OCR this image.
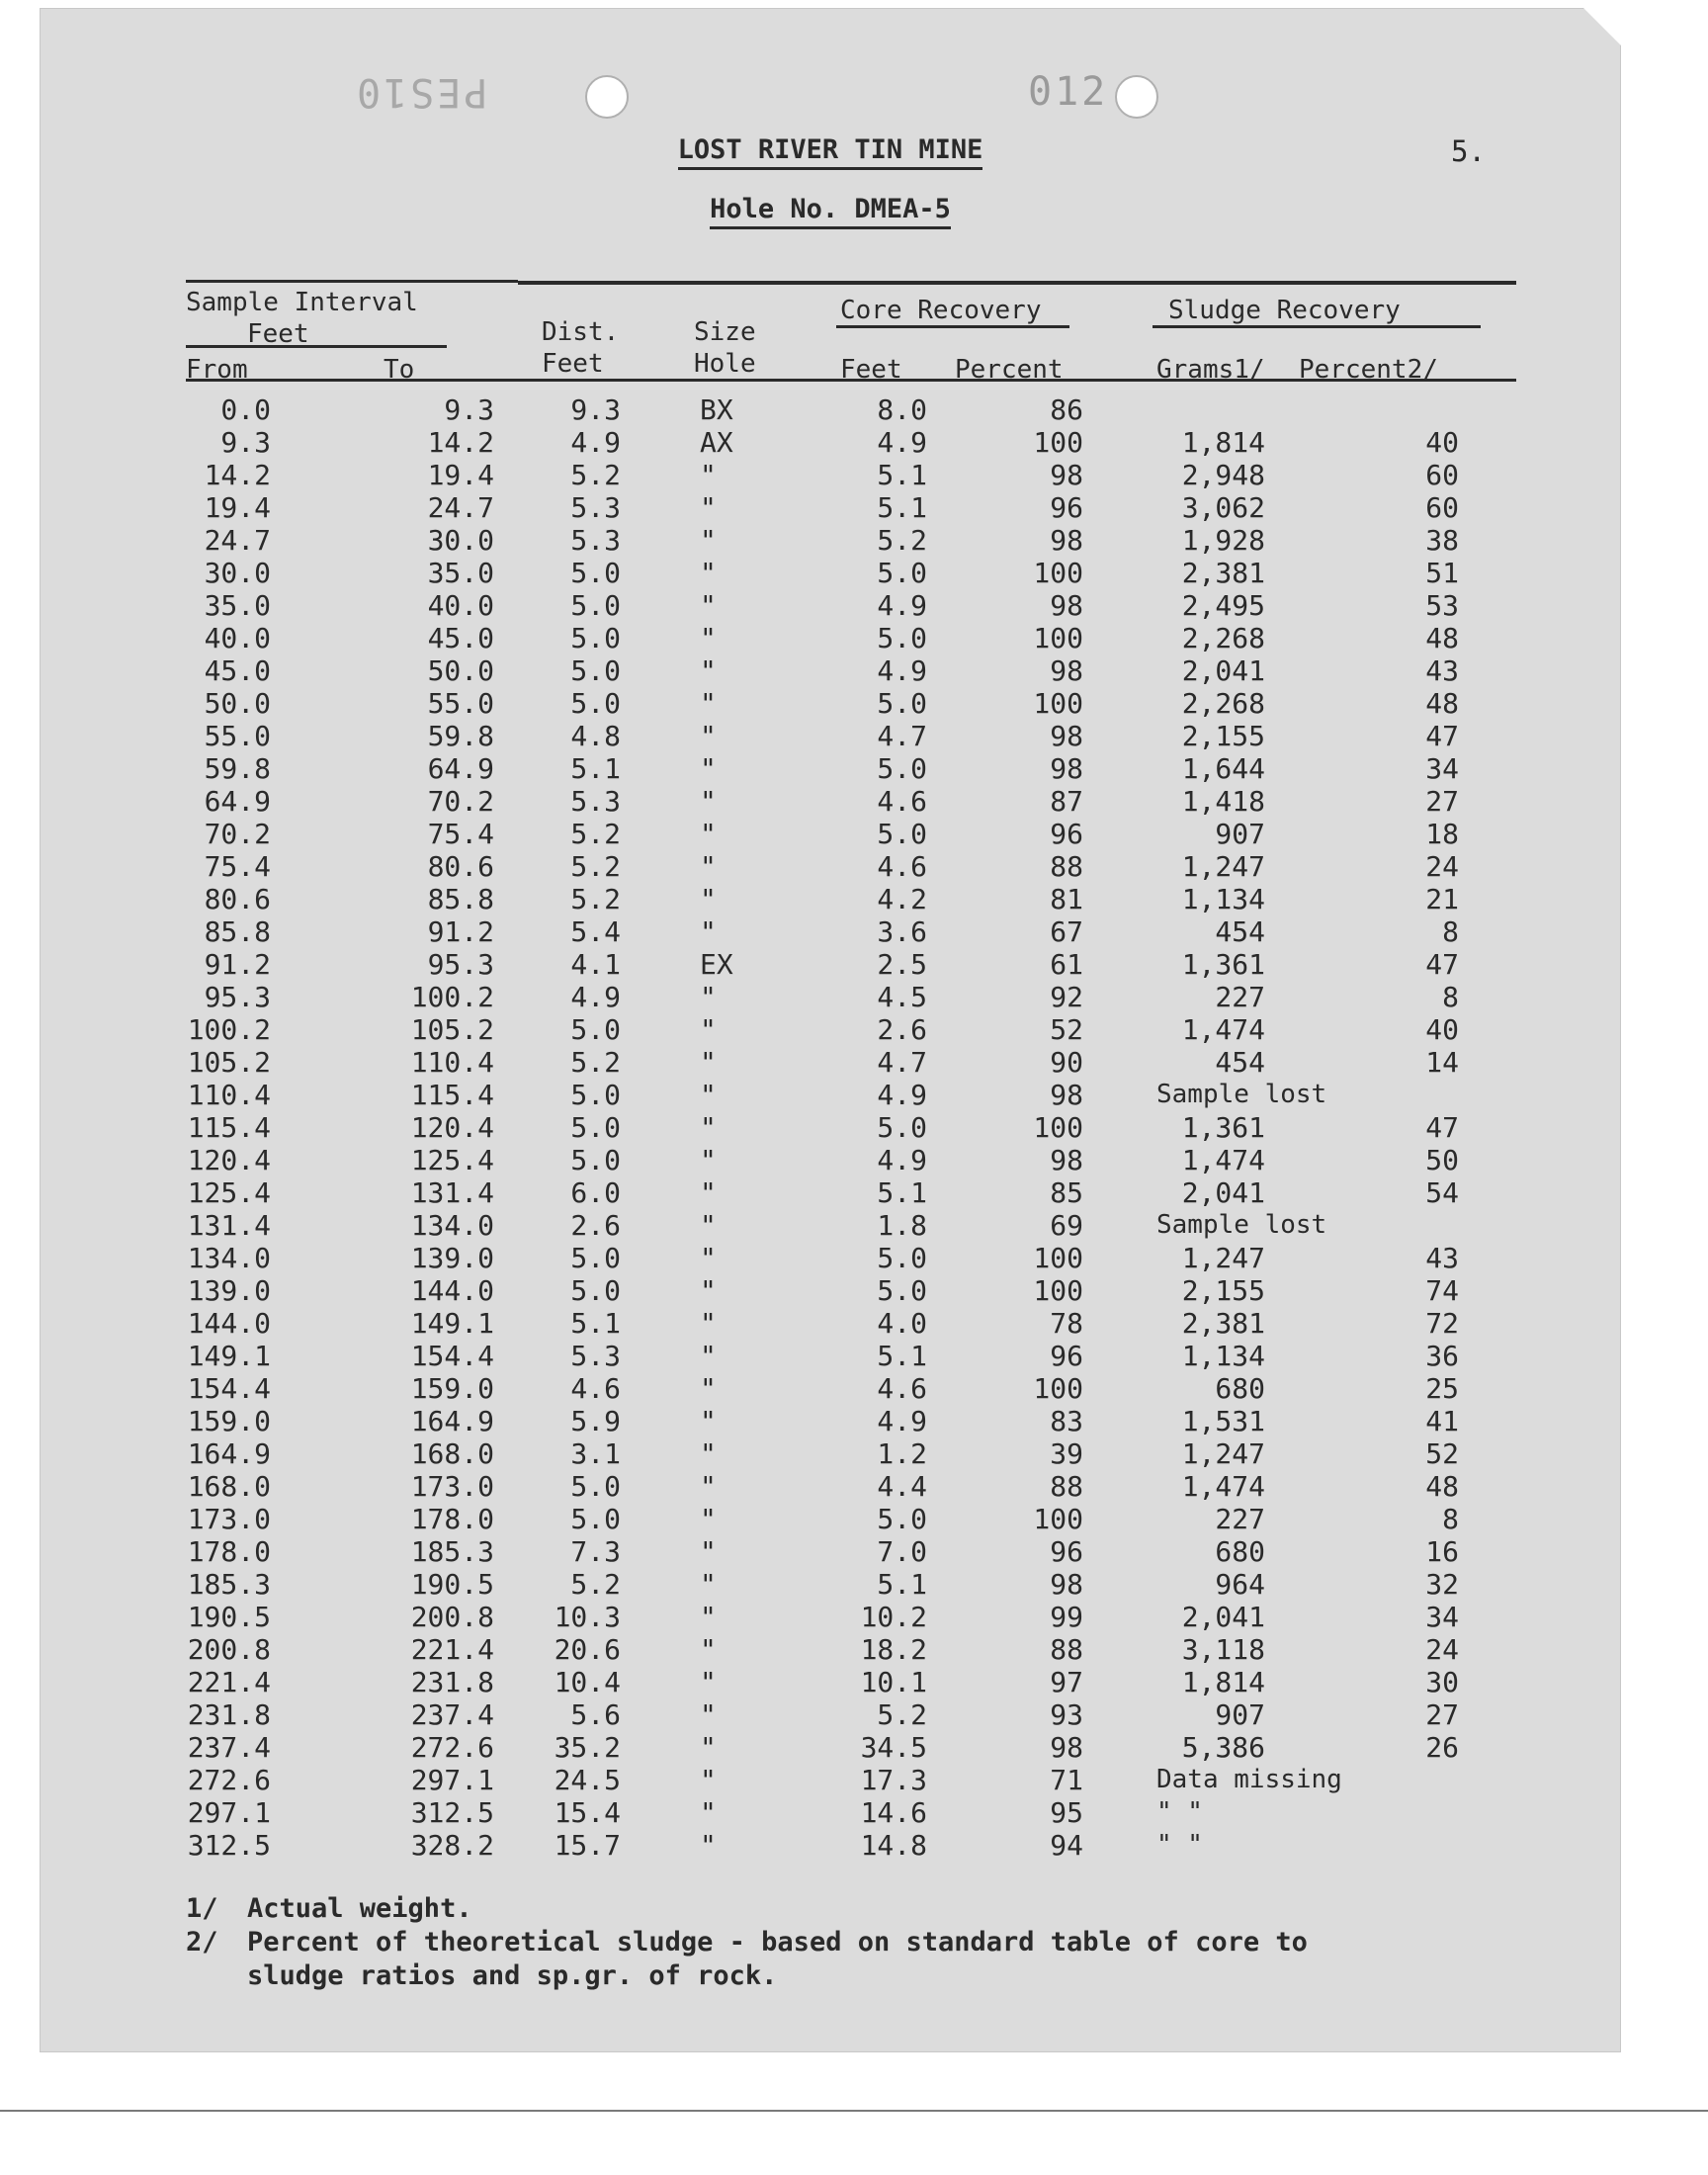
PES10	012
LOST RIVER TIN MINE
Hole No. DMEA-5
5.
Sample Interval
Feet
From	To
Dist.
Feet
Size
Hole
Core Recovery
Feet Percent
Sludge Recovery
Grams1/ Percent2/
0.0	9.3	9.3	BX	8.0	86
9.3	14.2	4.9	AX	4.9	100	1,814	40
14.2	19.4	5.2	"	5.1	98	2,948	60
19.4	24.7	5.3	"	5.1	96	3,062	60
24.7	30.0	5.3	"	5.2	98	1,928	38
30.0	35.0	5.0	"	5.0	100	2,381	51
35.0	40.0	5.0	"	4.9	98	2,495	53
40.0	45.0	5.0	"	5.0	100	2,268	48
45.0	50.0	5.0	"	4.9	98	2,041	43
50.0	55.0	5.0	"	5.0	100	2,268	48
55.0	59.8	4.8	"	4.7	98	2,155	47
59.8	64.9	5.1	"	5.0	98	1,644	34
64.9	70.2	5.3	"	4.6	87	1,418	27
70.2	75.4	5.2	"	5.0	96	907	18
75.4	80.6	5.2	"	4.6	88	1,247	24
80.6	85.8	5.2	"	4.2	81	1,134	21
85.8	91.2	5.4	"	3.6	67	454	8
91.2	95.3	4.1	EX	2.5	61	1,361	47
95.3	100.2	4.9	"	4.5	92	227	8
100.2	105.2	5.0	"	2.6	52	1,474	40
105.2	110.4	5.2	"	4.7	90	454	14
110.4	115.4	5.0	"	4.9	98	Sample lost
115.4	120.4	5.0	"	5.0	100	1,361	47
120.4	125.4	5.0	"	4.9	98	1,474	50
125.4	131.4	6.0	"	5.1	85	2,041	54
131.4	134.0	2.6	"	1.8	69	Sample lost
134.0	139.0	5.0	"	5.0	100	1,247	43
139.0	144.0	5.0	"	5.0	100	2,155	74
144.0	149.1	5.1	"	4.0	78	2,381	72
149.1	154.4	5.3	"	5.1	96	1,134	36
154.4	159.0	4.6	"	4.6	100	680	25
159.0	164.9	5.9	"	4.9	83	1,531	41
164.9	168.0	3.1	"	1.2	39	1,247	52
168.0	173.0	5.0	"	4.4	88	1,474	48
173.0	178.0	5.0	"	5.0	100	227	8
178.0	185.3	7.3	"	7.0	96	680	16
185.3	190.5	5.2	"	5.1	98	964	32
190.5	200.8	10.3	"	10.2	99	2,041	34
200.8	221.4	20.6	"	18.2	88	3,118	24
221.4	231.8	10.4	"	10.1	97	1,814	30
231.8	237.4	5.6	"	5.2	93	907	27
237.4	272.6	35.2	"	34.5	98	5,386	26
272.6	297.1	24.5	"	17.3	71	Data missing
297.1	312.5	15.4	"	14.6	95	" "
312.5	328.2	15.7	"	14.8	94	" "
1/ Actual weight.
2/ Percent of theoretical sludge - based on standard table of core to
sludge ratios and sp.gr. of rock.
